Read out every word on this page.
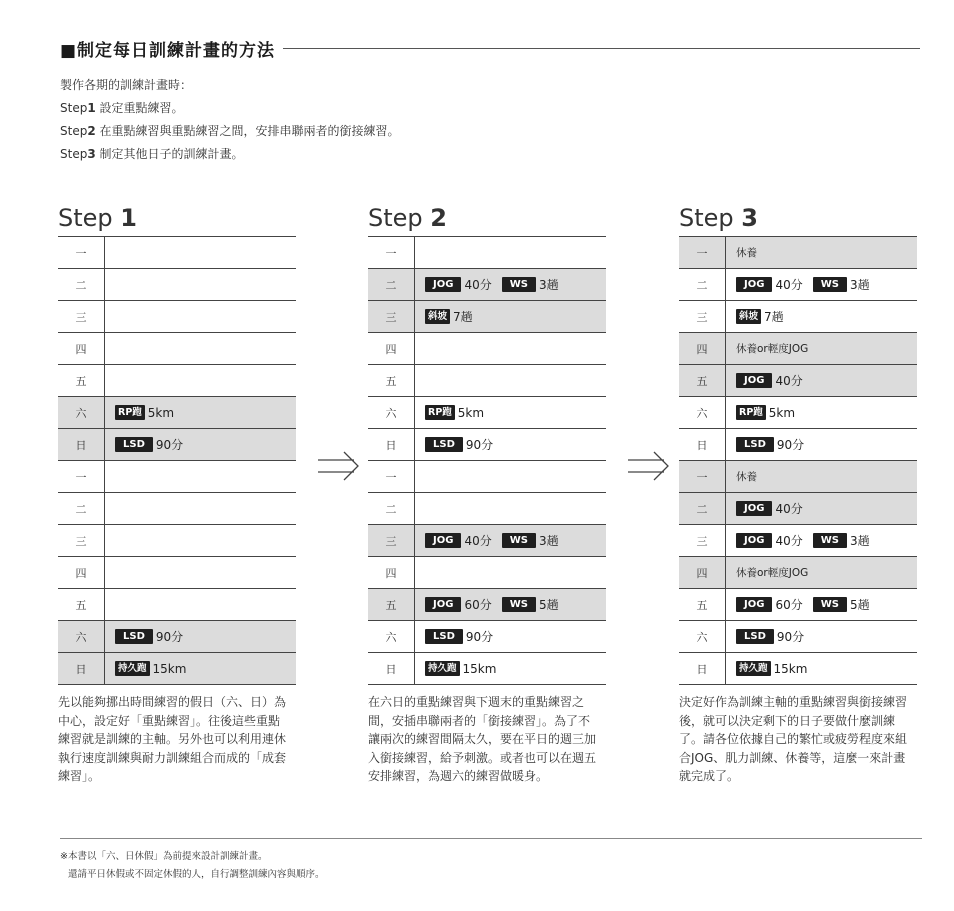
■制定每日訓練計畫的方法
製作各期的訓練計畫時：
Step1 設定重點練習。
Step2 在重點練習與重點練習之間，安排串聯兩者的銜接練習。
Step3 制定其他日子的訓練計畫。
Step 1
一
二
三
四
五
六	RP跑 5km
日	LSD 90分
一
二
三
四
五
六	LSD 90分
日	持久跑 15km
先以能夠挪出時間練習的假日（六、日）為中心，設定好「重點練習」。往後這些重點練習就是訓練的主軸。另外也可以利用連休執行速度訓練與耐力訓練組合而成的「成套練習」。
Step 2
一
二	JOG 40分	WS 3趟
三	斜坡 7趟
四
五
六	RP跑 5km
日	LSD 90分
一
二
三	JOG 40分	WS 3趟
四
五	JOG 60分	WS 5趟
六	LSD 90分
日	持久跑 15km
在六日的重點練習與下週末的重點練習之間，安插串聯兩者的「銜接練習」。為了不讓兩次的練習間隔太久，要在平日的週三加入銜接練習，給予刺激。或者也可以在週五安排練習，為週六的練習做暖身。
Step 3
一	休養
二	JOG 40分	WS 3趟
三	斜坡 7趟
四	休養or輕度JOG
五	JOG 40分
六	RP跑 5km
日	LSD 90分
一	休養
二	JOG 40分
三	JOG 40分	WS 3趟
四	休養or輕度JOG
五	JOG 60分	WS 5趟
六	LSD 90分
日	持久跑 15km
決定好作為訓練主軸的重點練習與銜接練習後，就可以決定剩下的日子要做什麼訓練了。請各位依據自己的繁忙或疲勞程度來組合JOG、肌力訓練、休養等，這麼一來計畫就完成了。
※本書以「六、日休假」為前提來設計訓練計畫。
還請平日休假或不固定休假的人，自行調整訓練內容與順序。
